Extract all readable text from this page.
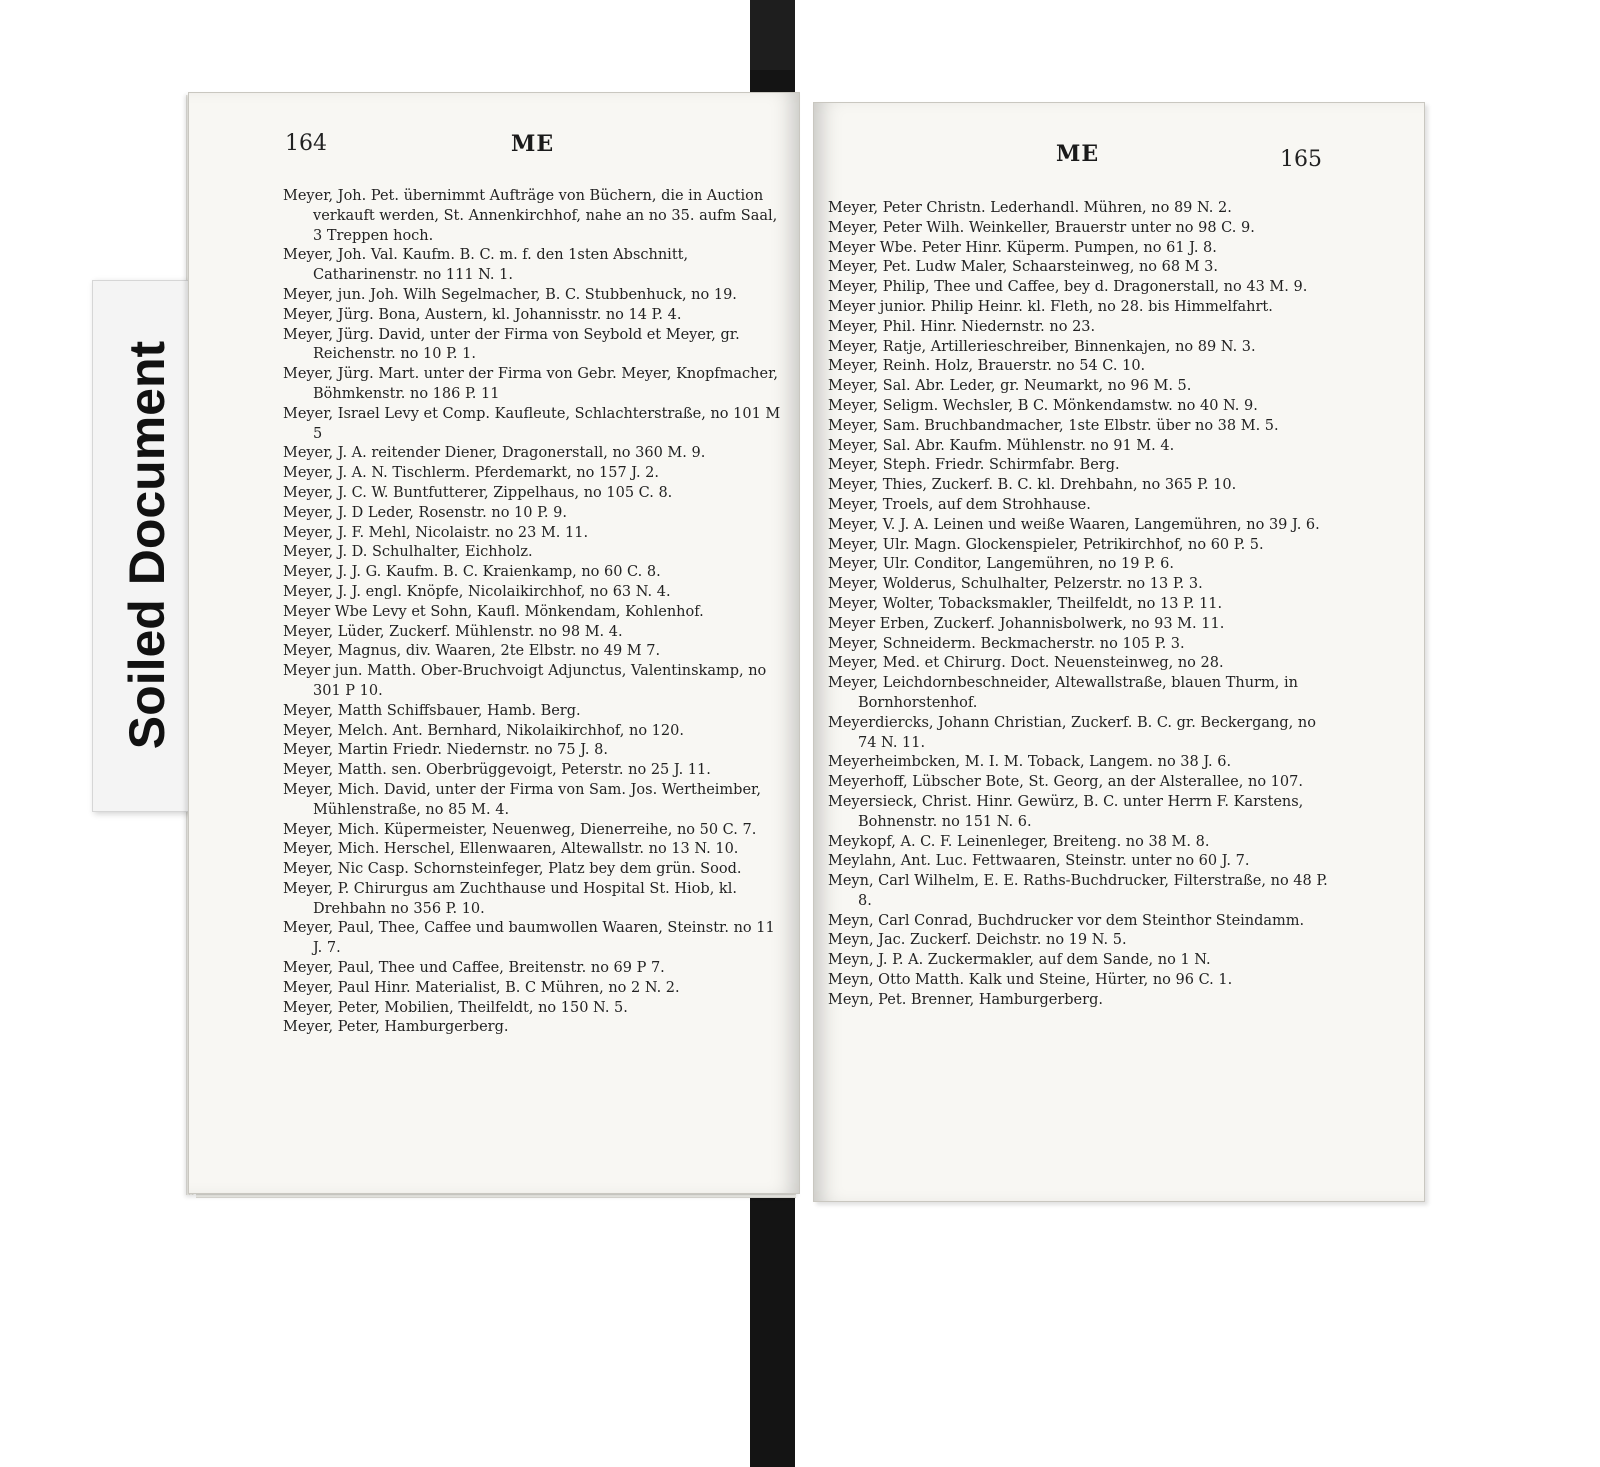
Soiled Document
164	ME
Meyer, Joh. Pet. übernimmt Aufträge von Büchern, die in Auction verkauft werden, St. Annenkirchhof, nahe an no 35. aufm Saal, 3 Treppen hoch.
Meyer, Joh. Val. Kaufm. B. C. m. f. den 1sten Abschnitt, Catharinenstr. no 111 N. 1.
Meyer, jun. Joh. Wilh Segelmacher, B. C. Stubbenhuck, no 19.
Meyer, Jürg. Bona, Austern, kl. Johannisstr. no 14 P. 4.
Meyer, Jürg. David, unter der Firma von Seybold et Meyer, gr. Reichenstr. no 10 P. 1.
Meyer, Jürg. Mart. unter der Firma von Gebr. Meyer, Knopfmacher, Böhmkenstr. no 186 P. 11
Meyer, Israel Levy et Comp. Kaufleute, Schlachterstraße, no 101 M 5
Meyer, J. A. reitender Diener, Dragonerstall, no 360 M. 9.
Meyer, J. A. N. Tischlerm. Pferdemarkt, no 157 J. 2.
Meyer, J. C. W. Buntfutterer, Zippelhaus, no 105 C. 8.
Meyer, J. D Leder, Rosenstr. no 10 P. 9.
Meyer, J. F. Mehl, Nicolaistr. no 23 M. 11.
Meyer, J. D. Schulhalter, Eichholz.
Meyer, J. J. G. Kaufm. B. C. Kraienkamp, no 60 C. 8.
Meyer, J. J. engl. Knöpfe, Nicolaikirchhof, no 63 N. 4.
Meyer Wbe Levy et Sohn, Kaufl. Mönkendam, Kohlenhof.
Meyer, Lüder, Zuckerf. Mühlenstr. no 98 M. 4.
Meyer, Magnus, div. Waaren, 2te Elbstr. no 49 M 7.
Meyer jun. Matth. Ober-Bruchvoigt Adjunctus, Valentinskamp, no 301 P 10.
Meyer, Matth Schiffsbauer, Hamb. Berg.
Meyer, Melch. Ant. Bernhard, Nikolaikirchhof, no 120.
Meyer, Martin Friedr. Niedernstr. no 75 J. 8.
Meyer, Matth. sen. Oberbrüggevoigt, Peterstr. no 25 J. 11.
Meyer, Mich. David, unter der Firma von Sam. Jos. Wertheimber, Mühlenstraße, no 85 M. 4.
Meyer, Mich. Küpermeister, Neuenweg, Dienerreihe, no 50 C. 7.
Meyer, Mich. Herschel, Ellenwaaren, Altewallstr. no 13 N. 10.
Meyer, Nic Casp. Schornsteinfeger, Platz bey dem grün. Sood.
Meyer, P. Chirurgus am Zuchthause und Hospital St. Hiob, kl. Drehbahn no 356 P. 10.
Meyer, Paul, Thee, Caffee und baumwollen Waaren, Steinstr. no 11 J. 7.
Meyer, Paul, Thee und Caffee, Breitenstr. no 69 P 7.
Meyer, Paul Hinr. Materialist, B. C Mühren, no 2 N. 2.
Meyer, Peter, Mobilien, Theilfeldt, no 150 N. 5.
Meyer, Peter, Hamburgerberg.
ME	165
Meyer, Peter Christn. Lederhandl. Mühren, no 89 N. 2.
Meyer, Peter Wilh. Weinkeller, Brauerstr unter no 98 C. 9.
Meyer Wbe. Peter Hinr. Küperm. Pumpen, no 61 J. 8.
Meyer, Pet. Ludw Maler, Schaarsteinweg, no 68 M 3.
Meyer, Philip, Thee und Caffee, bey d. Dragonerstall, no 43 M. 9.
Meyer junior. Philip Heinr. kl. Fleth, no 28. bis Himmelfahrt.
Meyer, Phil. Hinr. Niedernstr. no 23.
Meyer, Ratje, Artillerieschreiber, Binnenkajen, no 89 N. 3.
Meyer, Reinh. Holz, Brauerstr. no 54 C. 10.
Meyer, Sal. Abr. Leder, gr. Neumarkt, no 96 M. 5.
Meyer, Seligm. Wechsler, B C. Mönkendamstw. no 40 N. 9.
Meyer, Sam. Bruchbandmacher, 1ste Elbstr. über no 38 M. 5.
Meyer, Sal. Abr. Kaufm. Mühlenstr. no 91 M. 4.
Meyer, Steph. Friedr. Schirmfabr. Berg.
Meyer, Thies, Zuckerf. B. C. kl. Drehbahn, no 365 P. 10.
Meyer, Troels, auf dem Strohhause.
Meyer, V. J. A. Leinen und weiße Waaren, Langemühren, no 39 J. 6.
Meyer, Ulr. Magn. Glockenspieler, Petrikirchhof, no 60 P. 5.
Meyer, Ulr. Conditor, Langemühren, no 19 P. 6.
Meyer, Wolderus, Schulhalter, Pelzerstr. no 13 P. 3.
Meyer, Wolter, Tobacksmakler, Theilfeldt, no 13 P. 11.
Meyer Erben, Zuckerf. Johannisbolwerk, no 93 M. 11.
Meyer, Schneiderm. Beckmacherstr. no 105 P. 3.
Meyer, Med. et Chirurg. Doct. Neuensteinweg, no 28.
Meyer, Leichdornbeschneider, Altewallstraße, blauen Thurm, in Bornhorstenhof.
Meyerdiercks, Johann Christian, Zuckerf. B. C. gr. Beckergang, no 74 N. 11.
Meyerheimbcken, M. I. M. Toback, Langem. no 38 J. 6.
Meyerhoff, Lübscher Bote, St. Georg, an der Alsterallee, no 107.
Meyersieck, Christ. Hinr. Gewürz, B. C. unter Herrn F. Karstens, Bohnenstr. no 151 N. 6.
Meykopf, A. C. F. Leinenleger, Breiteng. no 38 M. 8.
Meylahn, Ant. Luc. Fettwaaren, Steinstr. unter no 60 J. 7.
Meyn, Carl Wilhelm, E. E. Raths-Buchdrucker, Filterstraße, no 48 P. 8.
Meyn, Carl Conrad, Buchdrucker vor dem Steinthor Steindamm.
Meyn, Jac. Zuckerf. Deichstr. no 19 N. 5.
Meyn, J. P. A. Zuckermakler, auf dem Sande, no 1 N.
Meyn, Otto Matth. Kalk und Steine, Hürter, no 96 C. 1.
Meyn, Pet. Brenner, Hamburgerberg.
